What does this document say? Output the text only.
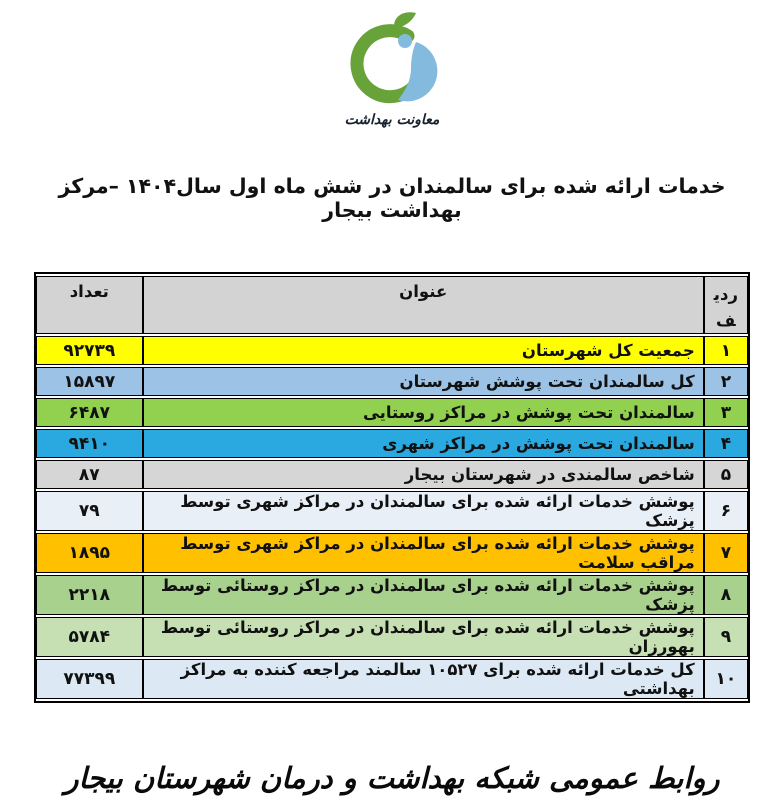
معاونت بهداشت
خدمات ارائه شده برای سالمندان در شش ماه اول سال۱۴۰۴ –مرکز بهداشت بیجار
ردیف	عنوان	تعداد
۱	جمعیت کل شهرستان	۹۲۷۳۹
۲	کل سالمندان تحت پوشش شهرستان	۱۵۸۹۷
۳	سالمندان تحت پوشش در مراکز روستایی	۶۴۸۷
۴	سالمندان تحت پوشش در مراکز شهری	۹۴۱۰
۵	شاخص سالمندی در شهرستان بیجار	۸۷
۶	پوشش خدمات ارائه شده برای سالمندان در مراکز شهری توسط پزشک	۷۹
۷	پوشش خدمات ارائه شده برای سالمندان در مراکز شهری توسط مراقب سلامت	۱۸۹۵
۸	پوشش خدمات ارائه شده برای سالمندان در مراکز روستائی توسط پزشک	۲۲۱۸
۹	پوشش خدمات ارائه شده برای سالمندان در مراکز روستائی توسط بهورزان	۵۷۸۴
۱۰	کل خدمات ارائه شده برای ۱۰۵۲۷ سالمند مراجعه کننده به مراکز بهداشتی	۷۷۳۹۹
روابط عمومی شبکه بهداشت و درمان شهرستان بیجار
